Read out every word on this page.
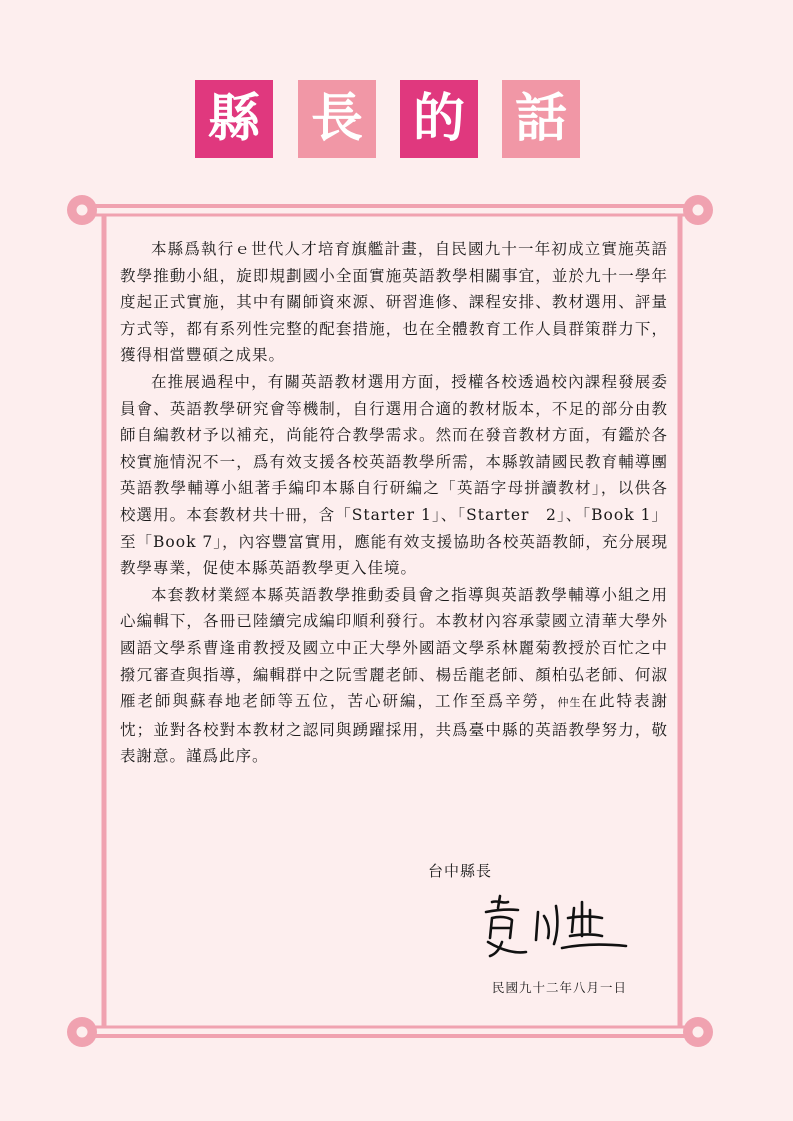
縣 長 的 話

本縣爲執行ｅ世代人才培育旗艦計畫，自民國九十一年初成立實施英語教學推動小組，旋即規劃國小全面實施英語教學相關事宜，並於九十一學年度起正式實施，其中有關師資來源、研習進修、課程安排、教材選用、評量方式等，都有系列性完整的配套措施，也在全體教育工作人員群策群力下，獲得相當豐碩之成果。

在推展過程中，有關英語教材選用方面，授權各校透過校內課程發展委員會、英語教學研究會等機制，自行選用合適的教材版本，不足的部分由教師自編教材予以補充，尚能符合教學需求。然而在發音教材方面，有鑑於各校實施情況不一，爲有效支援各校英語教學所需，本縣敦請國民教育輔導團英語教學輔導小組著手編印本縣自行研編之「英語字母拼讀教材」，以供各校選用。本套教材共十冊，含「Starter 1」、「Starter　2」、「Book 1」至「Book 7」，內容豐富實用，應能有效支援協助各校英語教師，充分展現教學專業，促使本縣英語教學更入佳境。

本套教材業經本縣英語教學推動委員會之指導與英語教學輔導小組之用心編輯下，各冊已陸續完成編印順利發行。本教材內容承蒙國立清華大學外國語文學系曹逢甫教授及國立中正大學外國語文學系林麗菊教授於百忙之中撥冗審查與指導，編輯群中之阮雪麗老師、楊岳龍老師、顏柏弘老師、何淑雁老師與蘇春地老師等五位，苦心研編，工作至爲辛勞，仲生在此特表謝忱；並對各校對本教材之認同與踴躍採用，共爲臺中縣的英語教學努力，敬表謝意。謹爲此序。

台中縣長
民國九十二年八月一日
